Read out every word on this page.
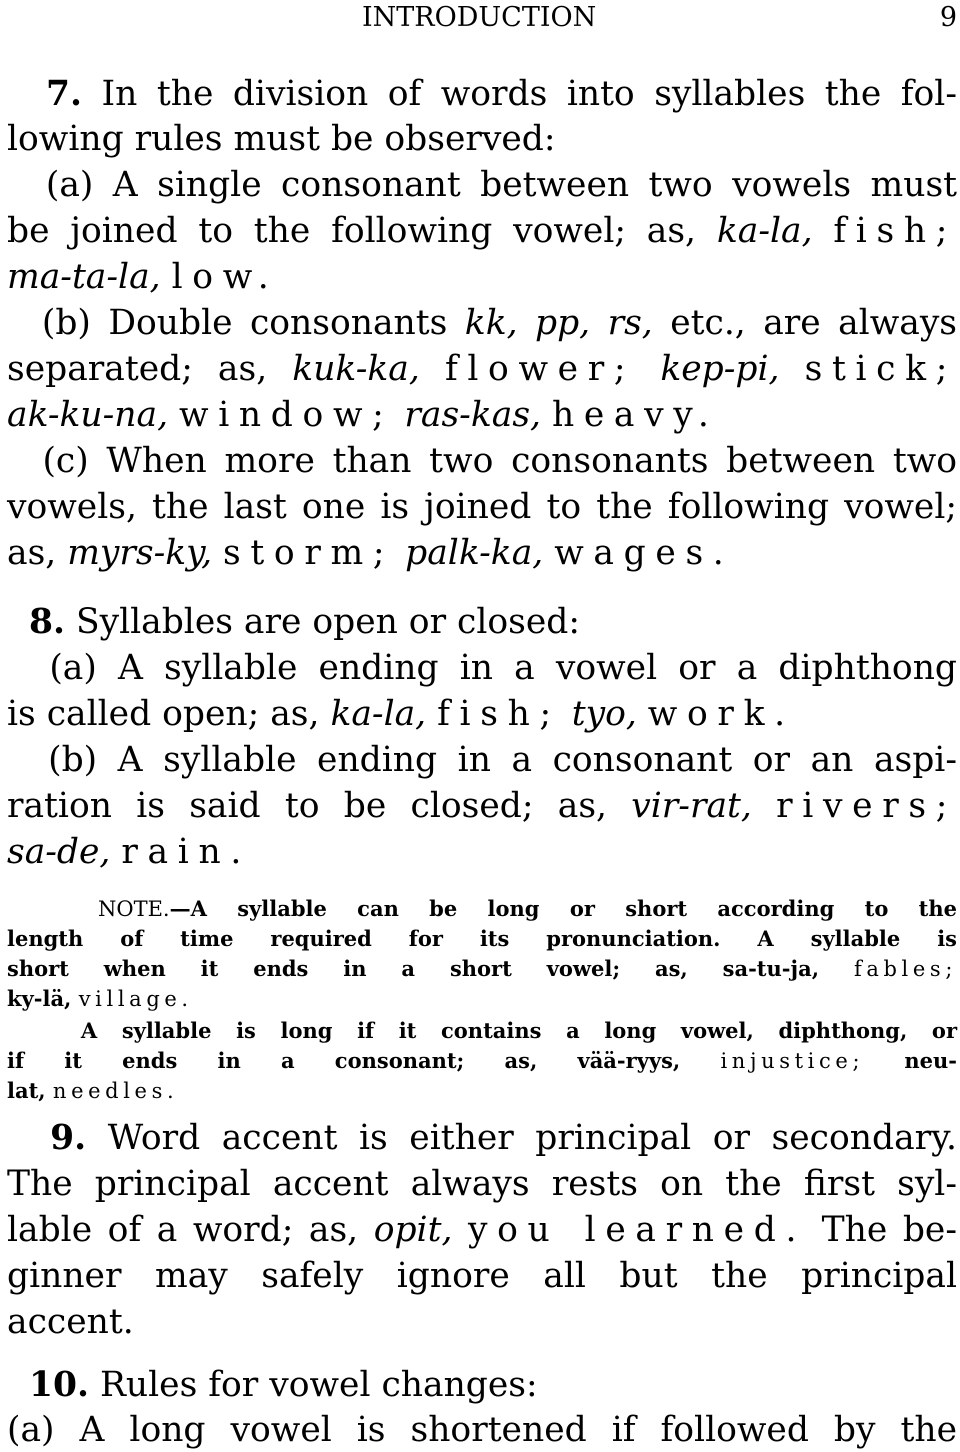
INTRODUCTION	9

7. In the division of words into syllables the fol-

lowing rules must be observed:

(a) A single consonant between two vowels must

be joined to the following vowel; as, ka-la, fish;

ma-ta-la, low.

(b) Double consonants kk, pp, rs, etc., are always

separated; as, kuk-ka, flower; kep-pi, stick;

ak-ku-na, window; ras-kas, heavy.

(c) When more than two consonants between two

vowels, the last one is joined to the following vowel;

as, myrs-ky, storm; palk-ka, wages.

8. Syllables are open or closed:

(a) A syllable ending in a vowel or a diphthong

is called open; as, ka-la, fish; tyo, work.

(b) A syllable ending in a consonant or an aspi-

ration is said to be closed; as, vir-rat, rivers;

sa-de, rain.

NOTE.—A syllable can be long or short according to the

length of time required for its pronunciation. A syllable is

short when it ends in a short vowel; as, sa-tu-ja, fables;

ky-lä, village.

A syllable is long if it contains a long vowel, diphthong, or

if it ends in a consonant; as, vää-ryys, injustice; neu-

lat, needles.

9. Word accent is either principal or secondary.

The principal accent always rests on the first syl-

lable of a word; as, opit, you learned. The be-

ginner may safely ignore all but the principal

accent.

10. Rules for vowel changes:

(a) A long vowel is shortened if followed by the
